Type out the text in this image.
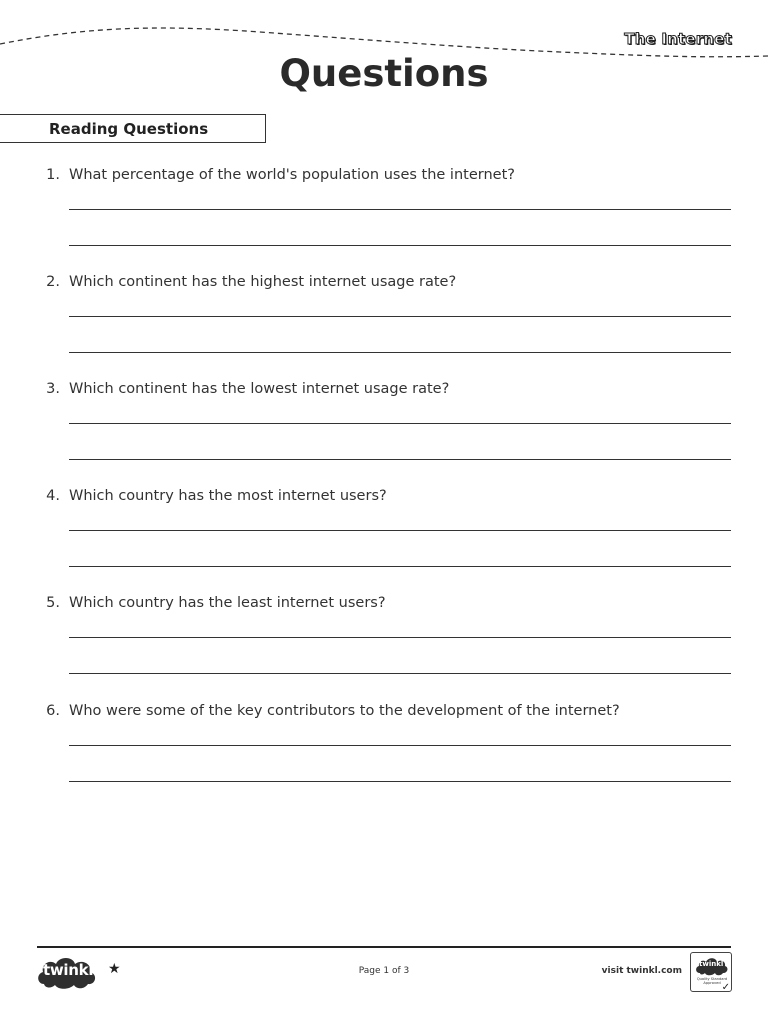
The Internet
Questions
Reading Questions
1. What percentage of the world's population uses the internet?
2. Which continent has the highest internet usage rate?
3. Which continent has the lowest internet usage rate?
4. Which country has the most internet users?
5. Which country has the least internet users?
6. Who were some of the key contributors to the development of the internet?
twinkl ★	Page 1 of 3	visit twinkl.com
twinkl
Quality Standard Approved ✓
